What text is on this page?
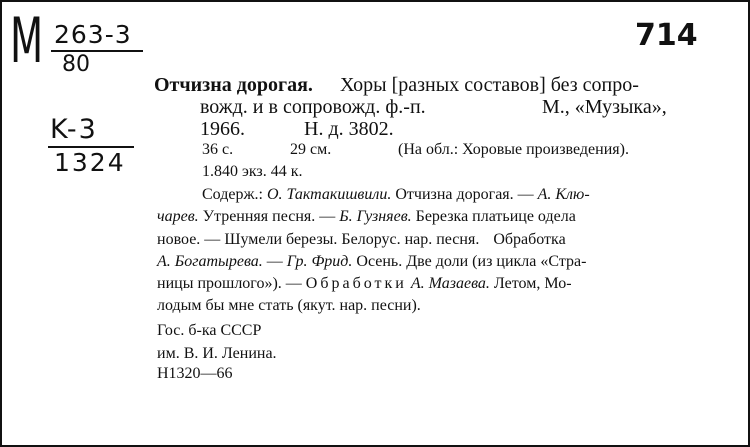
M 263-3
80
K-3
1324
714
Отчизна дорогая. Хоры [разных составов] без сопро-
вожд. и в сопровожд. ф.-п.	М., «Музыка»,
1966.	Н. д. 3802.
36 с.	29 см.	(На обл.: Хоровые произведения).
1.840 экз. 44 к.
Содерж.: О. Тактакишвили. Отчизна дорогая. — А. Клю-
чарев. Утренняя песня. — Б. Гузняев. Березка платьице одела
новое. — Шумели березы. Белорус. нар. песня. Обработка
А. Богатырева. — Гр. Фрид. Осень. Две доли (из цикла «Стра-
ницы прошлого»). — Обработки А. Мазаева. Летом, Мо-
лодым бы мне стать (якут. нар. песни).
Гос. б-ка СССР
им. В. И. Ленина.
Н1320—66
